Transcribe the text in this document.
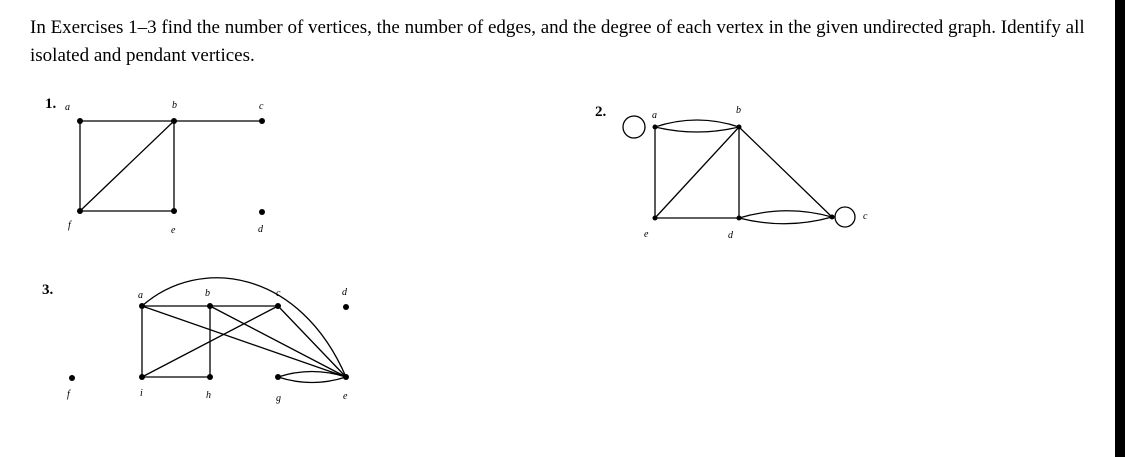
In Exercises 1–3 find the number of vertices, the number of edges, and the degree of each vertex in the given undirected graph. Identify all isolated and pendant vertices.

1. a	b	c
d
e
f
2.	a	b
c
d
e
3.	a	b	c	d
e
f	g
h
i
